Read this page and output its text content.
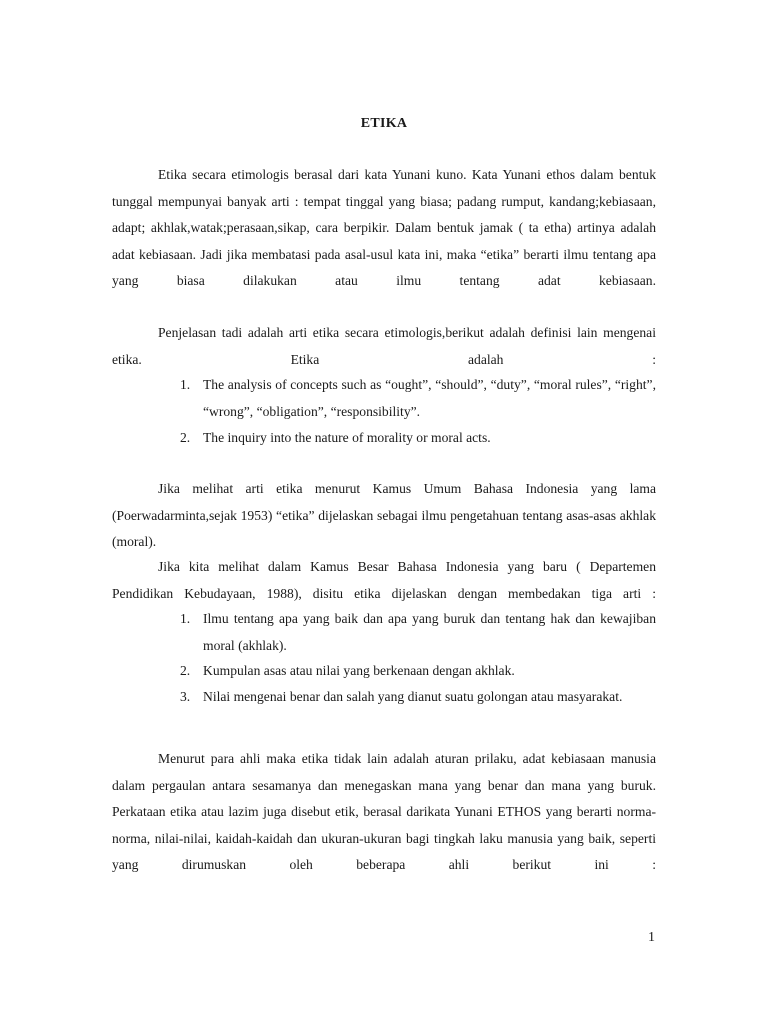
ETIKA
Etika secara etimologis berasal dari kata Yunani kuno. Kata Yunani ethos dalam bentuk tunggal mempunyai banyak arti : tempat tinggal yang biasa; padang rumput, kandang;kebiasaan, adapt; akhlak,watak;perasaan,sikap, cara berpikir. Dalam bentuk jamak ( ta etha) artinya adalah adat kebiasaan. Jadi jika membatasi pada asal-usul kata ini, maka “etika” berarti ilmu tentang apa yang biasa dilakukan atau ilmu tentang adat kebiasaan.
Penjelasan tadi adalah arti etika secara etimologis,berikut adalah definisi lain mengenai etika. Etika adalah :
1. The analysis of concepts such as “ought”, “should”, “duty”, “moral rules”, “right”, “wrong”, “obligation”, “responsibility”.
2. The inquiry into the nature of morality or moral acts.
Jika melihat arti etika menurut Kamus Umum Bahasa Indonesia yang lama (Poerwadarminta,sejak 1953) “etika” dijelaskan sebagai ilmu pengetahuan tentang asas-asas akhlak (moral).
Jika kita melihat dalam Kamus Besar Bahasa Indonesia yang baru ( Departemen Pendidikan Kebudayaan, 1988), disitu etika dijelaskan dengan membedakan tiga arti :
1. Ilmu tentang apa yang baik dan apa yang buruk dan tentang hak dan kewajiban moral (akhlak).
2. Kumpulan asas atau nilai yang berkenaan dengan akhlak.
3. Nilai mengenai benar dan salah yang dianut suatu golongan atau masyarakat.
Menurut para ahli maka etika tidak lain adalah aturan prilaku, adat kebiasaan manusia dalam pergaulan antara sesamanya dan menegaskan mana yang benar dan mana yang buruk. Perkataan etika atau lazim juga disebut etik, berasal darikata Yunani ETHOS yang berarti norma-norma, nilai-nilai, kaidah-kaidah dan ukuran-ukuran bagi tingkah laku manusia yang baik, seperti yang dirumuskan oleh beberapa ahli berikut ini :
1
